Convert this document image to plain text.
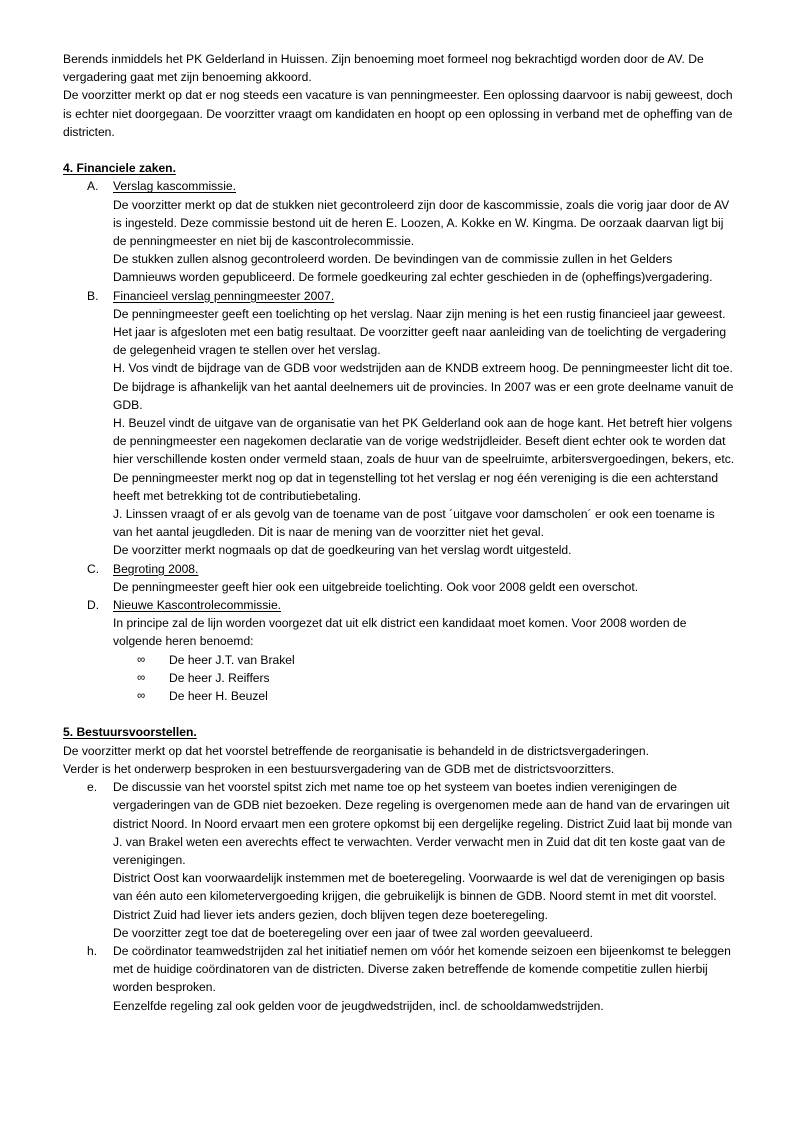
Berends inmiddels het PK Gelderland in Huissen. Zijn benoeming moet formeel nog bekrachtigd worden door de AV. De vergadering gaat met zijn benoeming akkoord.

De voorzitter merkt op dat er nog steeds een vacature is van penningmeester. Een oplossing daarvoor is nabij geweest, doch is echter niet doorgegaan. De voorzitter vraagt om kandidaten en hoopt op een oplossing in verband met de opheffing van de districten.

4. Financiele zaken.

A.	Verslag kascommissie.

De voorzitter merkt op dat de stukken niet gecontroleerd zijn door de kascommissie, zoals die vorig jaar door de AV is ingesteld. Deze commissie bestond uit de heren E. Loozen, A. Kokke en W. Kingma. De oorzaak daarvan ligt bij de penningmeester en niet bij de kascontrolecommissie.

De stukken zullen alsnog gecontroleerd worden. De bevindingen van de commissie zullen in het Gelders Damnieuws worden gepubliceerd. De formele goedkeuring zal echter geschieden in de (opheffings)vergadering.

B.	Financieel verslag penningmeester 2007.

De penningmeester geeft een toelichting op het verslag. Naar zijn mening is het een rustig financieel jaar geweest. Het jaar is afgesloten met een batig resultaat. De voorzitter geeft naar aanleiding van de toelichting de vergadering de gelegenheid vragen te stellen over het verslag.

H. Vos vindt de bijdrage van de GDB voor wedstrijden aan de KNDB extreem hoog. De penningmeester licht dit toe. De bijdrage is afhankelijk van het aantal deelnemers uit de provincies. In 2007 was er een grote deelname vanuit de GDB.

H. Beuzel vindt de uitgave van de organisatie van het PK Gelderland ook aan de hoge kant. Het betreft hier volgens de penningmeester een nagekomen declaratie van de vorige wedstrijdleider. Beseft dient echter ook te worden dat hier verschillende kosten onder vermeld staan, zoals de huur van de speelruimte, arbitersvergoedingen, bekers, etc.

De penningmeester merkt nog op dat in tegenstelling tot het verslag er nog één vereniging is die een achterstand heeft met betrekking tot de contributiebetaling.

J. Linssen vraagt of er als gevolg van de toename van de post ´uitgave voor damscholen´ er ook een toename is van het aantal jeugdleden. Dit is naar de mening van de voorzitter niet het geval.

De voorzitter merkt nogmaals op dat de goedkeuring van het verslag wordt uitgesteld.

C.	Begroting 2008.

De penningmeester geeft hier ook een uitgebreide toelichting. Ook voor 2008 geldt een overschot.

D.	Nieuwe Kascontrolecommissie.

In principe zal de lijn worden voorgezet dat uit elk district een kandidaat moet komen. Voor 2008 worden de volgende heren benoemd:

∞ De heer J.T. van Brakel
∞ De heer J. Reiffers
∞ De heer H. Beuzel

5. Bestuursvoorstellen.

De voorzitter merkt op dat het voorstel betreffende de reorganisatie is behandeld in de districtsvergaderingen.

Verder is het onderwerp besproken in een bestuursvergadering van de GDB met de districtsvoorzitters.

e.	De discussie van het voorstel spitst zich met name toe op het systeem van boetes indien verenigingen de vergaderingen van de GDB niet bezoeken. Deze regeling is overgenomen mede aan de hand van de ervaringen uit district Noord. In Noord ervaart men een grotere opkomst bij een dergelijke regeling. District Zuid laat bij monde van J. van Brakel weten een averechts effect te verwachten. Verder verwacht men in Zuid dat dit ten koste gaat van de verenigingen.

District Oost kan voorwaardelijk instemmen met de boeteregeling. Voorwaarde is wel dat de verenigingen op basis van één auto een kilometervergoeding krijgen, die gebruikelijk is binnen de GDB. Noord stemt in met dit voorstel. District Zuid had liever iets anders gezien, doch blijven tegen deze boeteregeling.

De voorzitter zegt toe dat de boeteregeling over een jaar of twee zal worden geevalueerd.

h.	De coördinator teamwedstrijden zal het initiatief nemen om vóór het komende seizoen een bijeenkomst te beleggen met de huidige coördinatoren van de districten. Diverse zaken betreffende de komende competitie zullen hierbij worden besproken.

Eenzelfde regeling zal ook gelden voor de jeugdwedstrijden, incl. de schooldamwedstrijden.
